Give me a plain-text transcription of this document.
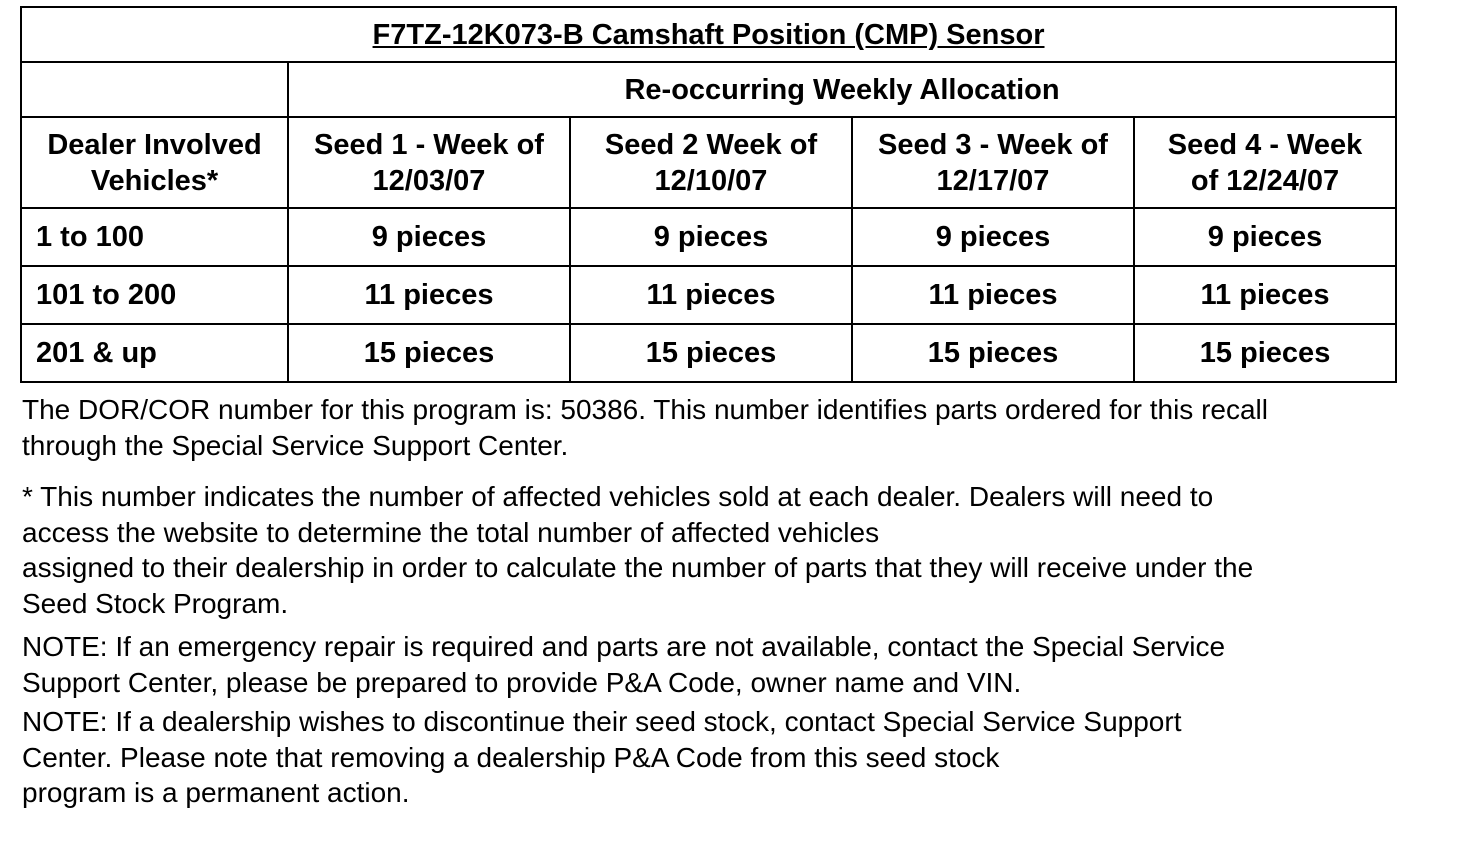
F7TZ-12K073-B Camshaft Position (CMP) Sensor				
	Re-occurring Weekly Allocation			
Dealer Involved Vehicles*	Seed 1 - Week of 12/03/07	Seed 2 Week of 12/10/07	Seed 3 - Week of 12/17/07	Seed 4 - Week of 12/24/07
1 to 100	9 pieces	9 pieces	9 pieces	9 pieces
101 to 200	11 pieces	11 pieces	11 pieces	11 pieces
201 & up	15 pieces	15 pieces	15 pieces	15 pieces

The DOR/COR number for this program is: 50386. This number identifies parts ordered for this recall
through the Special Service Support Center.

* This number indicates the number of affected vehicles sold at each dealer. Dealers will need to
access the website to determine the total number of affected vehicles
assigned to their dealership in order to calculate the number of parts that they will receive under the
Seed Stock Program.

NOTE: If an emergency repair is required and parts are not available, contact the Special Service
Support Center, please be prepared to provide P&A Code, owner name and VIN.

NOTE: If a dealership wishes to discontinue their seed stock, contact Special Service Support
Center. Please note that removing a dealership P&A Code from this seed stock
program is a permanent action.
